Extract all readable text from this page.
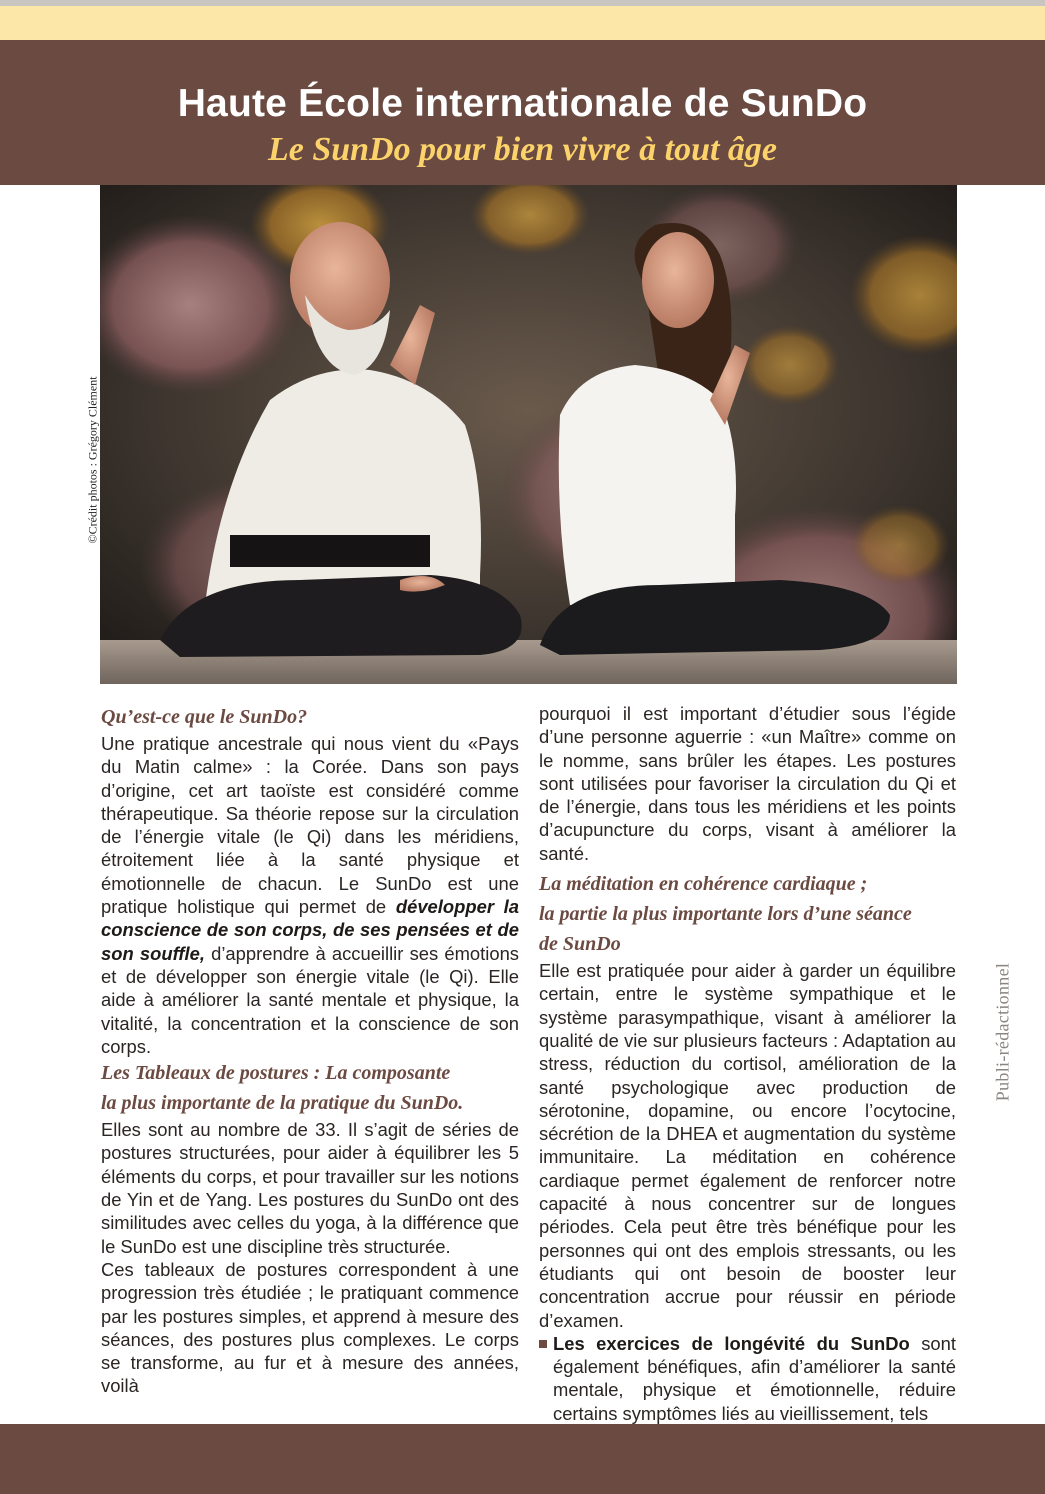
Haute École internationale de SunDo
Le SunDo pour bien vivre à tout âge
©Crédit photos : Grégory Clément
Publi-rédactionnel
Qu’est-ce que le SunDo?

Une pratique ancestrale qui nous vient du «Pays du Matin calme» : la Corée. Dans son pays d’origine, cet art taoïste est considéré comme thérapeutique. Sa théorie repose sur la circulation de l’énergie vitale (le Qi) dans les méridiens, étroitement liée à la santé physique et émotionnelle de chacun. Le SunDo est une pratique holistique qui permet de développer la conscience de son corps, de ses pensées et de son souffle, d’apprendre à accueillir ses émotions et de développer son énergie vitale (le Qi). Elle aide à améliorer la santé mentale et physique, la vitalité, la concentration et la conscience de son corps.

Les Tableaux de postures : La composante
la plus importante de la pratique du SunDo.

Elles sont au nombre de 33. Il s’agit de séries de postures structurées, pour aider à équilibrer les 5 éléments du corps, et pour travailler sur les notions de Yin et de Yang. Les postures du SunDo ont des similitudes avec celles du yoga, à la différence que le SunDo est une discipline très structurée.

Ces tableaux de postures correspondent à une progression très étudiée ; le pratiquant commence par les postures simples, et apprend à mesure des séances, des postures plus complexes. Le corps se transforme, au fur et à mesure des années, voilà

pourquoi il est important d’étudier sous l’égide d’une personne aguerrie : «un Maître» comme on le nomme, sans brûler les étapes. Les postures sont utilisées pour favoriser la circulation du Qi et de l’énergie, dans tous les méridiens et les points d’acupuncture du corps, visant à améliorer la santé.

La méditation en cohérence cardiaque ;
la partie la plus importante lors d’une séance
de SunDo

Elle est pratiquée pour aider à garder un équilibre certain, entre le système sympathique et le système parasympathique, visant à améliorer la qualité de vie sur plusieurs facteurs : Adaptation au stress, réduction du cortisol, amélioration de la santé psychologique avec production de sérotonine, dopamine, ou encore l’ocytocine, sécrétion de la DHEA et augmentation du système immunitaire. La méditation en cohérence cardiaque permet également de renforcer notre capacité à nous concentrer sur de longues périodes. Cela peut être très bénéfique pour les personnes qui ont des emplois stressants, ou les étudiants qui ont besoin de booster leur concentration accrue pour réussir en période d’examen.

Les exercices de longévité du SunDo sont également bénéfiques, afin d’améliorer la santé mentale, physique et émotionnelle, réduire certains symptômes liés au vieillissement, tels
